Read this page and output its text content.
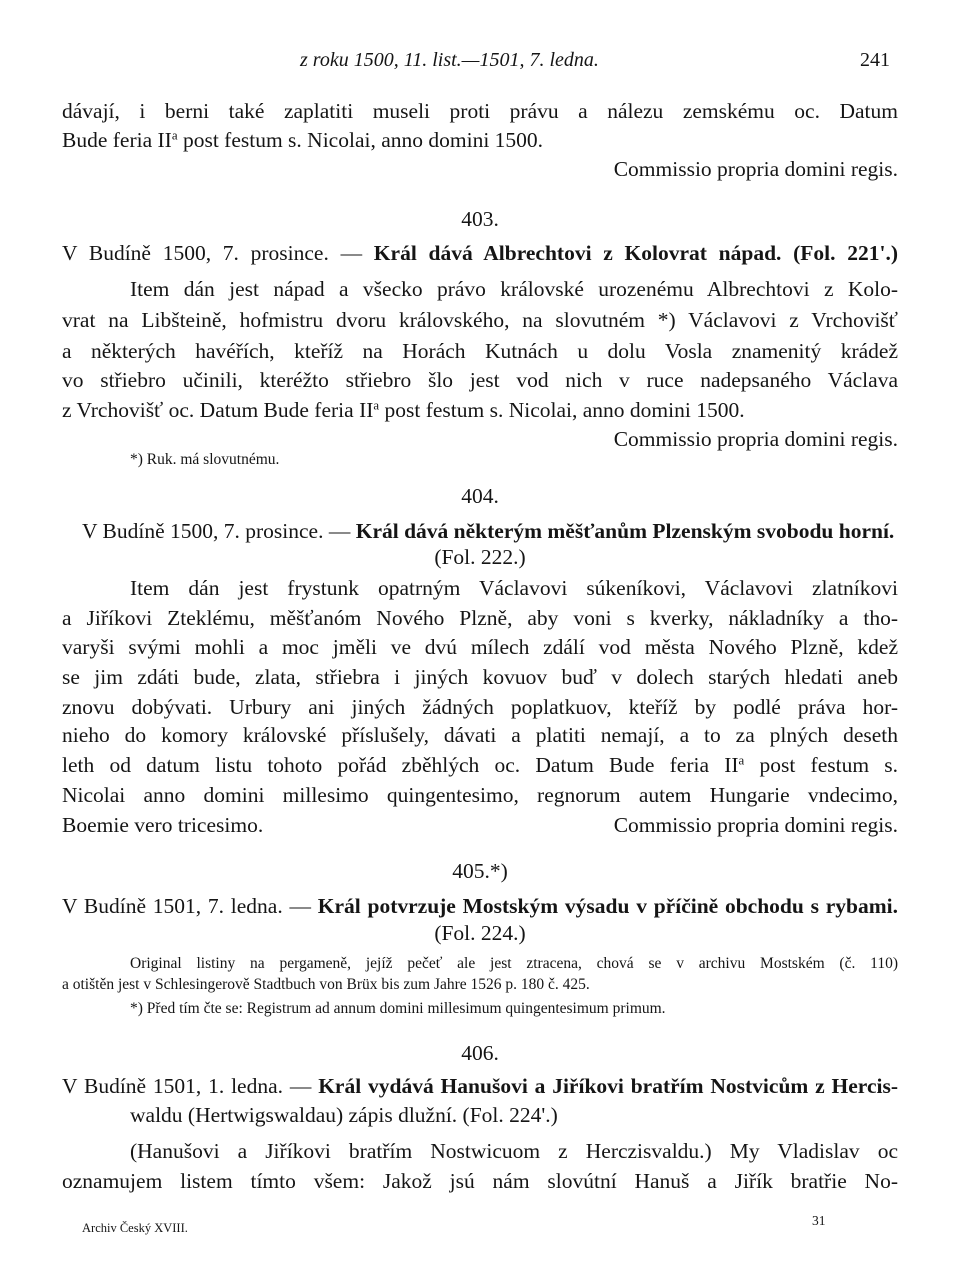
z roku 1500, 11. list.—1501, 7. ledna.	241
dávají, i berni také zaplatiti museli proti právu a nálezu zemskému oc. Datum
Bude feria $II^a$ post festum s. Nicolai, anno domini 1500.
Commissio propria domini regis.
403.
V Budíně 1500, 7. prosince. — Král dává Albrechtovi z Kolovrat nápad. (Fol. 221'.)
Item dán jest nápad a všecko právo královské urozenému Albrechtovi z Kolo-
vrat na Libšteině, hofmistru dvoru královského, na slovutném *) Václavovi z Vrchovišť
a některých havéřích, kteříž na Horách Kutnách u dolu Vosla znamenitý krádež
vo střiebro učinili, kteréžto střiebro šlo jest vod nich v ruce nadepsaného Václava
z Vrchovišť oc. Datum Bude feria $II^a$ post festum s. Nicolai, anno domini 1500.
Commissio propria domini regis.
*) Ruk. má slovutnému.
404.
V Budíně 1500, 7. prosince. — Král dává některým měšťanům Plzenským svobodu horní.
(Fol. 222.)
Item dán jest frystunk opatrným Václavovi súkeníkovi, Václavovi zlatníkovi
a Jiříkovi Zteklému, měšťanóm Nového Plzně, aby voni s kverky, nákladníky a tho-
varyši svými mohli a moc jměli ve dvú mílech zdálí vod města Nového Plzně, kdež
se jim zdáti bude, zlata, střiebra i jiných kovuov buď v dolech starých hledati aneb
znovu dobývati. Urbury ani jiných žádných poplatkuov, kteříž by podlé práva hor-
nieho do komory královské příslušely, dávati a platiti nemají, a to za plných deseth
leth od datum listu tohoto pořád zběhlých oc. Datum Bude feria $II^a$ post festum s.
Nicolai anno domini millesimo quingentesimo, regnorum autem Hungarie vndecimo,
Boemie vero tricesimo.	Commissio propria domini regis.
405.*)
V Budíně 1501, 7. ledna. — Král potvrzuje Mostským výsadu v příčině obchodu s rybami.
(Fol. 224.)
Original listiny na pergameně, jejíž pečeť ale jest ztracena, chová se v archivu Mostském (č. 110)
a otištěn jest v Schlesingerově Stadtbuch von Brüx bis zum Jahre 1526 p. 180 č. 425.
*) Před tím čte se: Registrum ad annum domini millesimum quingentesimum primum.
406.
V Budíně 1501, 1. ledna. — Král vydává Hanušovi a Jiříkovi bratřím Nostvicům z Hercis-
waldu (Hertwigswaldau) zápis dlužní. (Fol. 224'.)
(Hanušovi a Jiříkovi bratřím Nostwicuom z Herczisvaldu.) My Vladislav oc
oznamujem listem tímto všem: Jakož jsú nám slovútní Hanuš a Jiřík bratřie No-
Archiv Český XVIII.	31
